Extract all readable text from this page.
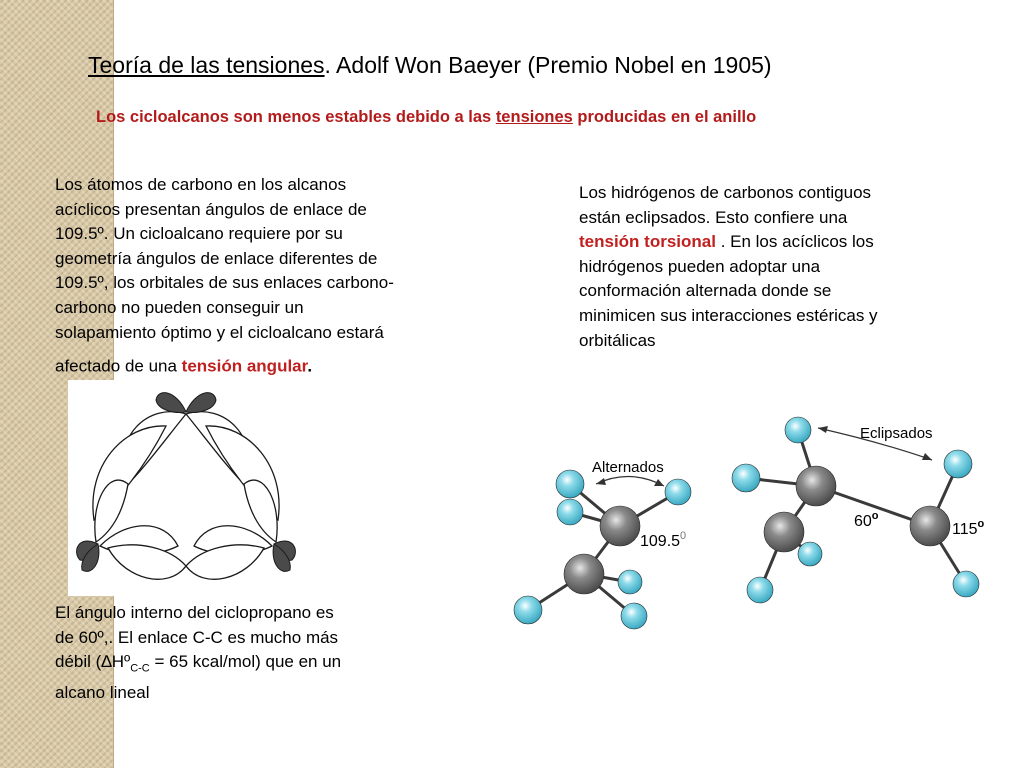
Teoría de las tensiones. Adolf Won Baeyer (Premio Nobel en 1905)
Los cicloalcanos son menos estables debido a las tensiones producidas en el anillo
Los átomos de carbono en los alcanos
acíclicos presentan ángulos de enlace de
109.5º. Un cicloalcano requiere por su
geometría ángulos de enlace diferentes de
109.5º, los orbitales de sus enlaces carbono-
carbono no pueden conseguir un
solapamiento óptimo y el cicloalcano estará
afectado de una tensión angular.
Los hidrógenos de carbonos contiguos
están eclipsados. Esto confiere una
tensión torsional . En los acíclicos los
hidrógenos pueden adoptar una
conformación alternada donde se
minimicen sus interacciones estéricas y
orbitálicas
El ángulo interno del ciclopropano es
de 60º,. El enlace C-C es mucho más
débil (∆Hº$_{C-C}$ = 65 kcal/mol) que en un
alcano lineal
Alternados
109.5$^0$
Eclipsados
60$^o$
115$^o$
